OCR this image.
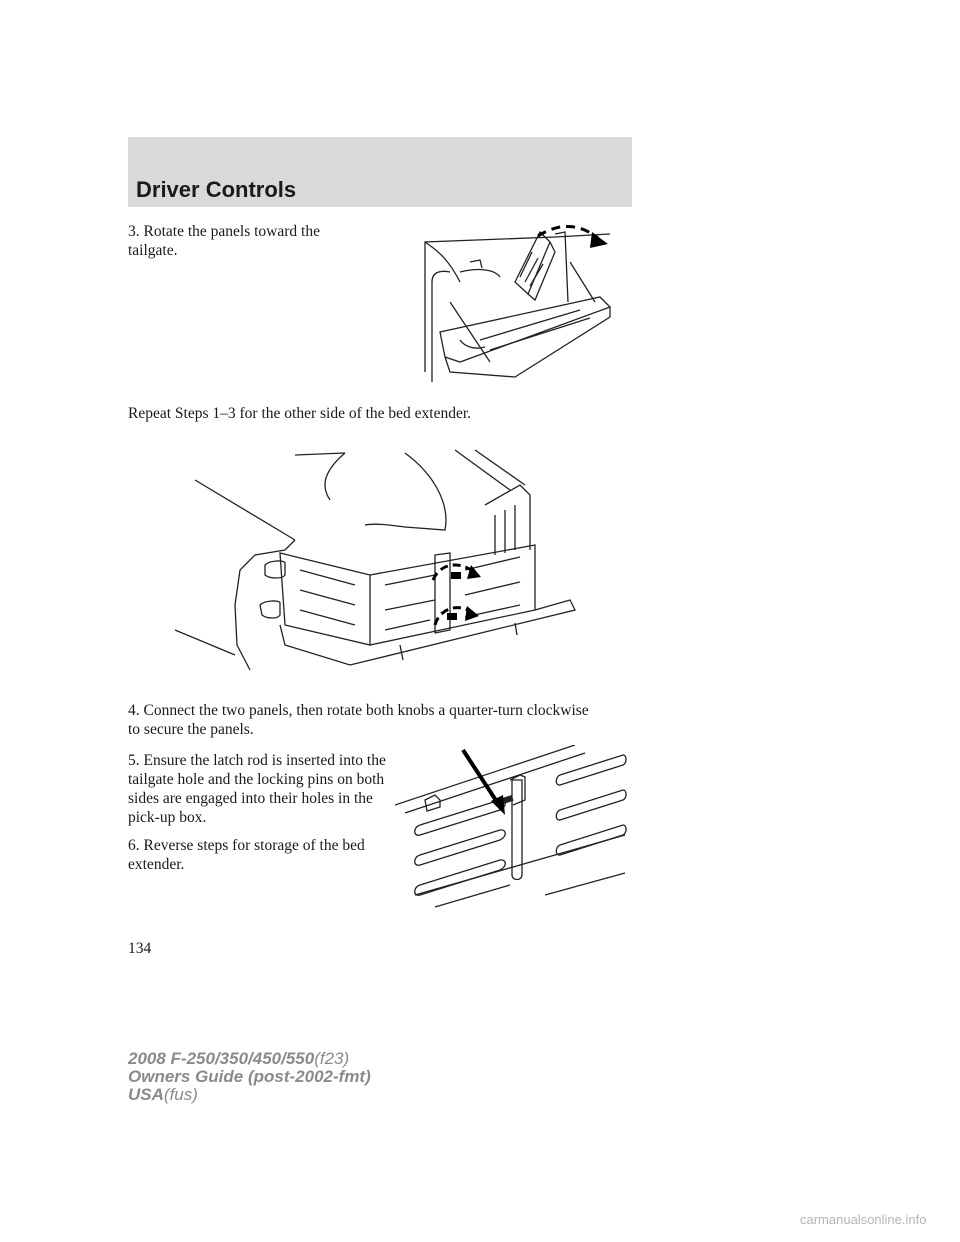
Driver Controls
3. Rotate the panels toward the tailgate.
Repeat Steps 1–3 for the other side of the bed extender.
4. Connect the two panels, then rotate both knobs a quarter-turn clockwise to secure the panels.
5. Ensure the latch rod is inserted into the tailgate hole and the locking pins on both sides are engaged into their holes in the pick-up box.
6. Reverse steps for storage of the bed extender.
134
2008 F-250/350/450/550(f23)
Owners Guide (post-2002-fmt)
USA(fus)
carmanualsonline.info
